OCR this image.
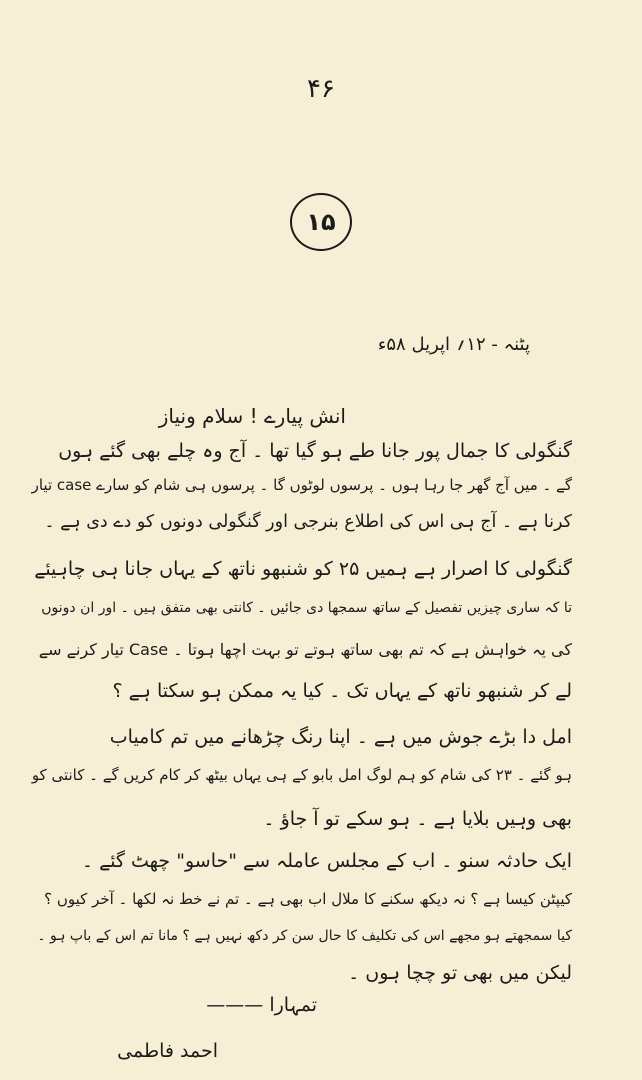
۴۶
۱۵
پٹنہ - ۱۲؍ اپریل ۵۸ء
انش پیارے ! سلام ونیاز
گنگولی کا جمال پور جانا طے ہو گیا تھا ۔ آج وہ چلے بھی گئے ہوں
گے ۔ میں آج گھر جا رہا ہوں ۔ پرسوں لوٹوں گا ۔ پرسوں ہی شام کو سارے case تیار
کرنا ہے ۔ آج ہی اس کی اطلاع بنرجی اور گنگولی دونوں کو دے دی ہے ۔
گنگولی کا اصرار ہے ہمیں ۲۵ کو شنبھو ناتھ کے یہاں جانا ہی چاہیئے
تا کہ ساری چیزیں تفصیل کے ساتھ سمجھا دی جائیں ۔ کانتی بھی متفق ہیں ۔ اور ان دونوں
کی یہ خواہش ہے کہ تم بھی ساتھ ہوتے تو بہت اچھا ہوتا ۔ Case تیار کرنے سے
لے کر شنبھو ناتھ کے یہاں تک ۔ کیا یہ ممکن ہو سکتا ہے ؟
امل دا بڑے جوش میں ہے ۔ اپنا رنگ چڑھانے میں تم کامیاب
ہو گئے ۔ ۲۳ کی شام کو ہم لوگ امل بابو کے ہی یہاں بیٹھ کر کام کریں گے ۔ کانتی کو
بھی وہیں بلایا ہے ۔ ہو سکے تو آ جاؤ ۔
ایک حادثہ سنو ۔ اب کے مجلس عاملہ سے "حاسو" چھٹ گئے ۔
کیپٹن کیسا ہے ؟ نہ دیکھ سکنے کا ملال اب بھی ہے ۔ تم نے خط نہ لکھا ۔ آخر کیوں ؟
کیا سمجھتے ہو مجھے اس کی تکلیف کا حال سن کر دکھ نہیں ہے ؟ مانا تم اس کے باپ ہو ۔
لیکن میں بھی تو چچا ہوں ۔
تمہارا ———
احمد فاطمی
